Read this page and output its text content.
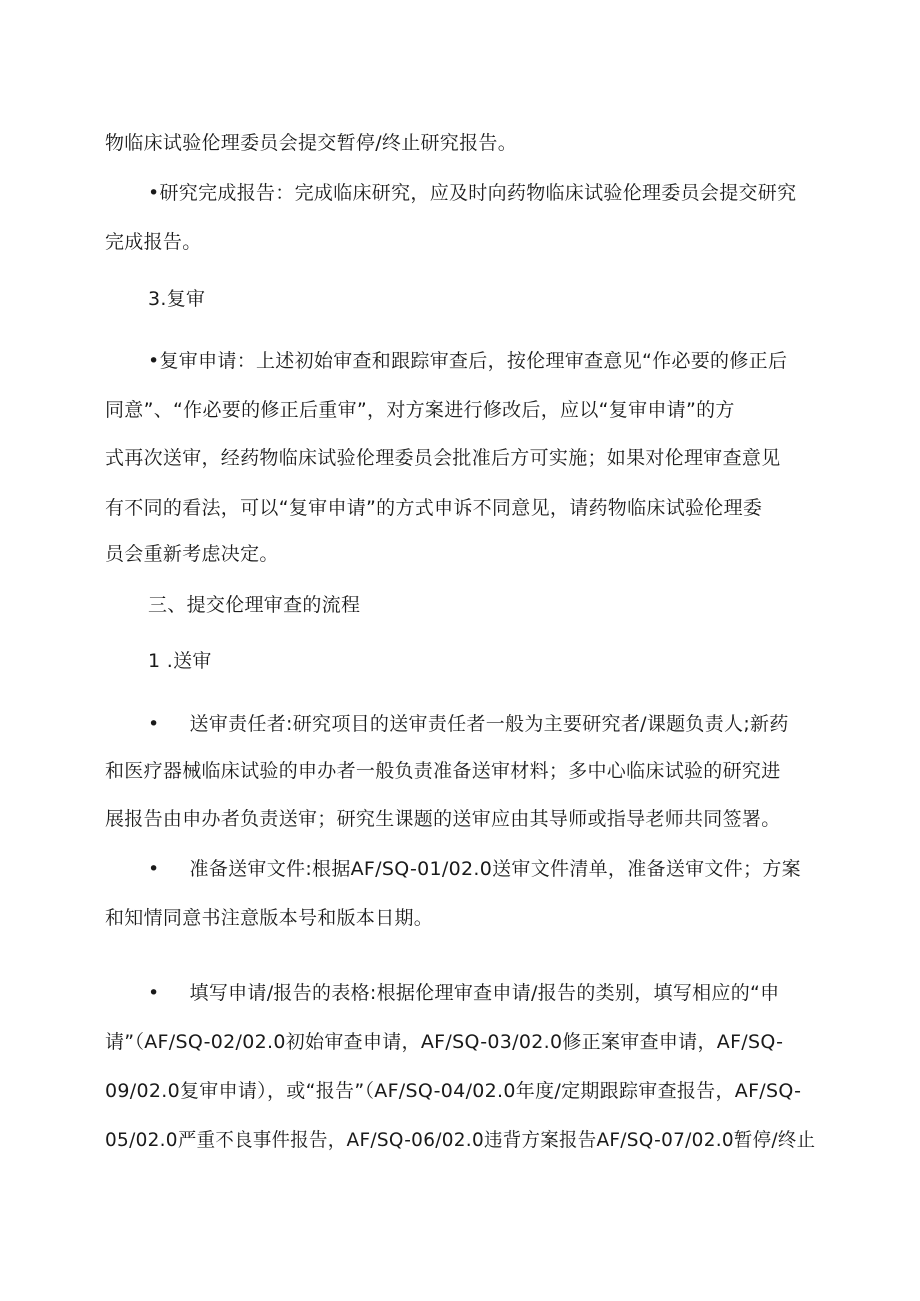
物临床试验伦理委员会提交暂停/终止研究报告。
•研究完成报告：完成临床研究，应及时向药物临床试验伦理委员会提交研究
完成报告。
3.复审
•复审申请：上述初始审查和跟踪审查后，按伦理审查意见“作必要的修正后
同意”、“作必要的修正后重审”，对方案进行修改后，应以“复审申请”的方
式再次送审，经药物临床试验伦理委员会批准后方可实施；如果对伦理审查意见
有不同的看法，可以“复审申请”的方式申诉不同意见，请药物临床试验伦理委
员会重新考虑决定。
三、提交伦理审查的流程
1 .送审
• 送审责任者:研究项目的送审责任者一般为主要研究者/课题负责人;新药
和医疗器械临床试验的申办者一般负责准备送审材料；多中心临床试验的研究进
展报告由申办者负责送审；研究生课题的送审应由其导师或指导老师共同签署。
• 准备送审文件:根据AF/SQ-01/02.0送审文件清单，准备送审文件；方案
和知情同意书注意版本号和版本日期。
• 填写申请/报告的表格:根据伦理审查申请/报告的类别，填写相应的“申
请”（AF/SQ-02/02.0初始审查申请，AF/SQ-03/02.0修正案审查申请，AF/SQ-
09/02.0复审申请），或“报告”（AF/SQ-04/02.0年度/定期跟踪审查报告，AF/SQ-
05/02.0严重不良事件报告，AF/SQ-06/02.0违背方案报告AF/SQ-07/02.0暂停/终止
